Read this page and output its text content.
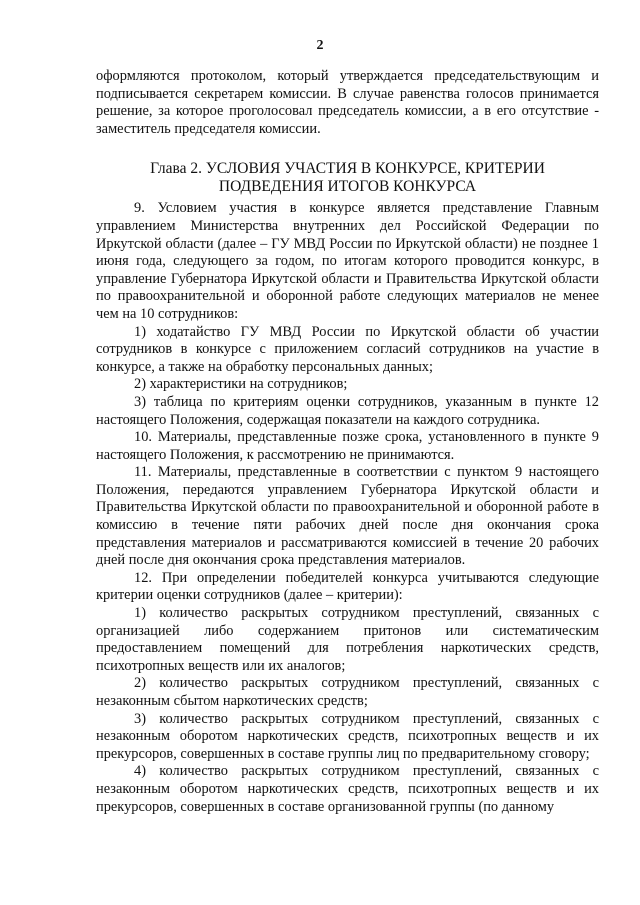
2

оформляются протоколом, который утверждается председательствующим и подписывается секретарем комиссии. В случае равенства голосов принимается решение, за которое проголосовал председатель комиссии, а в его отсутствие - заместитель председателя комиссии.

Глава 2. УСЛОВИЯ УЧАСТИЯ В КОНКУРСЕ, КРИТЕРИИ ПОДВЕДЕНИЯ ИТОГОВ КОНКУРСА

9. Условием участия в конкурсе является представление Главным управлением Министерства внутренних дел Российской Федерации по Иркутской области (далее – ГУ МВД России по Иркутской области) не позднее 1 июня года, следующего за годом, по итогам которого проводится конкурс, в управление Губернатора Иркутской области и Правительства Иркутской области по правоохранительной и оборонной работе следующих материалов не менее чем на 10 сотрудников:

1) ходатайство ГУ МВД России по Иркутской области об участии сотрудников в конкурсе с приложением согласий сотрудников на участие в конкурсе, а также на обработку персональных данных;

2) характеристики на сотрудников;

3) таблица по критериям оценки сотрудников, указанным в пункте 12 настоящего Положения, содержащая показатели на каждого сотрудника.

10. Материалы, представленные позже срока, установленного в пункте 9 настоящего Положения, к рассмотрению не принимаются.

11. Материалы, представленные в соответствии с пунктом 9 настоящего Положения, передаются управлением Губернатора Иркутской области и Правительства Иркутской области по правоохранительной и оборонной работе в комиссию в течение пяти рабочих дней после дня окончания срока представления материалов и рассматриваются комиссией в течение 20 рабочих дней после дня окончания срока представления материалов.

12. При определении победителей конкурса учитываются следующие критерии оценки сотрудников (далее – критерии):

1) количество раскрытых сотрудником преступлений, связанных с организацией либо содержанием притонов или систематическим предоставлением помещений для потребления наркотических средств, психотропных веществ или их аналогов;

2) количество раскрытых сотрудником преступлений, связанных с незаконным сбытом наркотических средств;

3) количество раскрытых сотрудником преступлений, связанных с незаконным оборотом наркотических средств, психотропных веществ и их прекурсоров, совершенных в составе группы лиц по предварительному сговору;

4) количество раскрытых сотрудником преступлений, связанных с незаконным оборотом наркотических средств, психотропных веществ и их прекурсоров, совершенных в составе организованной группы (по данному
